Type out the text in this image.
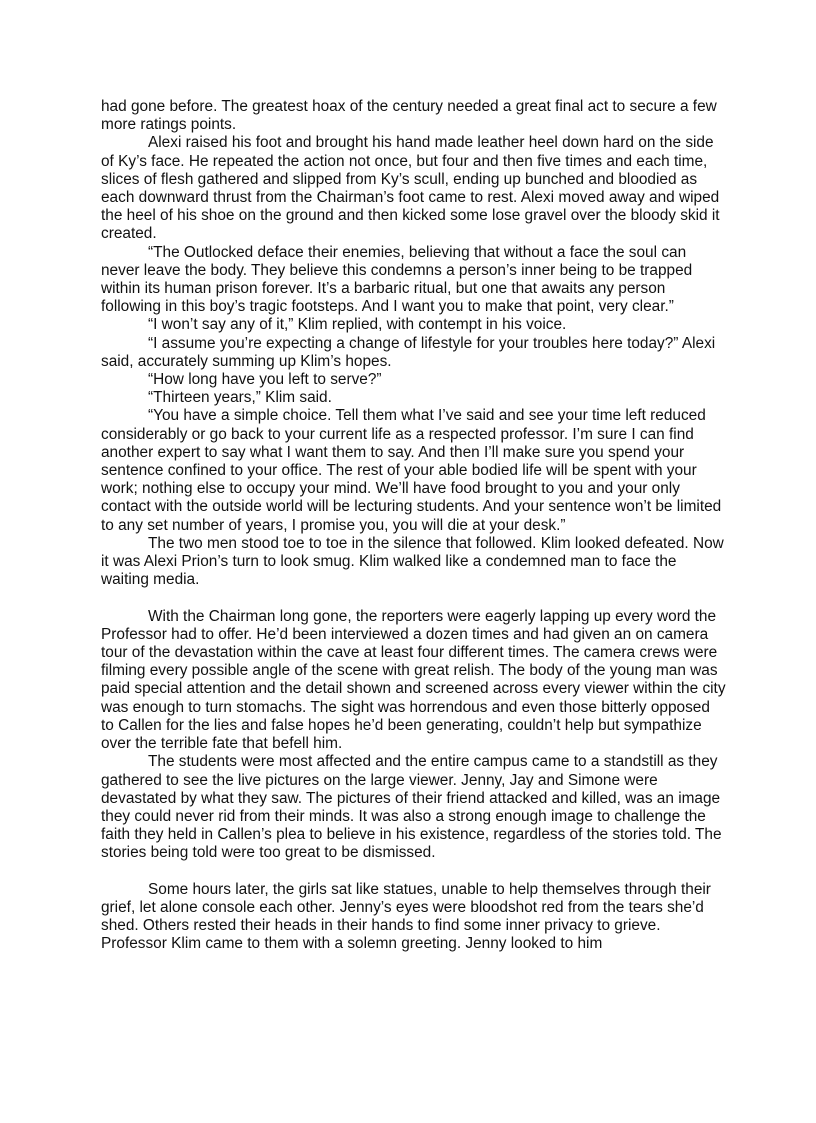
had gone before. The greatest hoax of the century needed a great final act to secure a few more ratings points.

Alexi raised his foot and brought his hand made leather heel down hard on the side of Ky’s face. He repeated the action not once, but four and then five times and each time, slices of flesh gathered and slipped from Ky’s scull, ending up bunched and bloodied as each downward thrust from the Chairman’s foot came to rest. Alexi moved away and wiped the heel of his shoe on the ground and then kicked some lose gravel over the bloody skid it created.

“The Outlocked deface their enemies, believing that without a face the soul can never leave the body. They believe this condemns a person’s inner being to be trapped within its human prison forever. It’s a barbaric ritual, but one that awaits any person following in this boy’s tragic footsteps. And I want you to make that point, very clear.”

“I won’t say any of it,” Klim replied, with contempt in his voice.

“I assume you’re expecting a change of lifestyle for your troubles here today?” Alexi said, accurately summing up Klim’s hopes.

“How long have you left to serve?”

“Thirteen years,” Klim said.

“You have a simple choice. Tell them what I’ve said and see your time left reduced considerably or go back to your current life as a respected professor. I’m sure I can find another expert to say what I want them to say. And then I’ll make sure you spend your sentence confined to your office. The rest of your able bodied life will be spent with your work; nothing else to occupy your mind. We’ll have food brought to you and your only contact with the outside world will be lecturing students. And your sentence won’t be limited to any set number of years, I promise you, you will die at your desk.”

The two men stood toe to toe in the silence that followed. Klim looked defeated. Now it was Alexi Prion’s turn to look smug. Klim walked like a condemned man to face the waiting media.

With the Chairman long gone, the reporters were eagerly lapping up every word the Professor had to offer. He’d been interviewed a dozen times and had given an on camera tour of the devastation within the cave at least four different times. The camera crews were filming every possible angle of the scene with great relish. The body of the young man was paid special attention and the detail shown and screened across every viewer within the city was enough to turn stomachs. The sight was horrendous and even those bitterly opposed to Callen for the lies and false hopes he’d been generating, couldn’t help but sympathize over the terrible fate that befell him.

The students were most affected and the entire campus came to a standstill as they gathered to see the live pictures on the large viewer. Jenny, Jay and Simone were devastated by what they saw. The pictures of their friend attacked and killed, was an image they could never rid from their minds. It was also a strong enough image to challenge the faith they held in Callen’s plea to believe in his existence, regardless of the stories told. The stories being told were too great to be dismissed.

Some hours later, the girls sat like statues, unable to help themselves through their grief, let alone console each other. Jenny’s eyes were bloodshot red from the tears she’d shed. Others rested their heads in their hands to find some inner privacy to grieve. Professor Klim came to them with a solemn greeting. Jenny looked to him
